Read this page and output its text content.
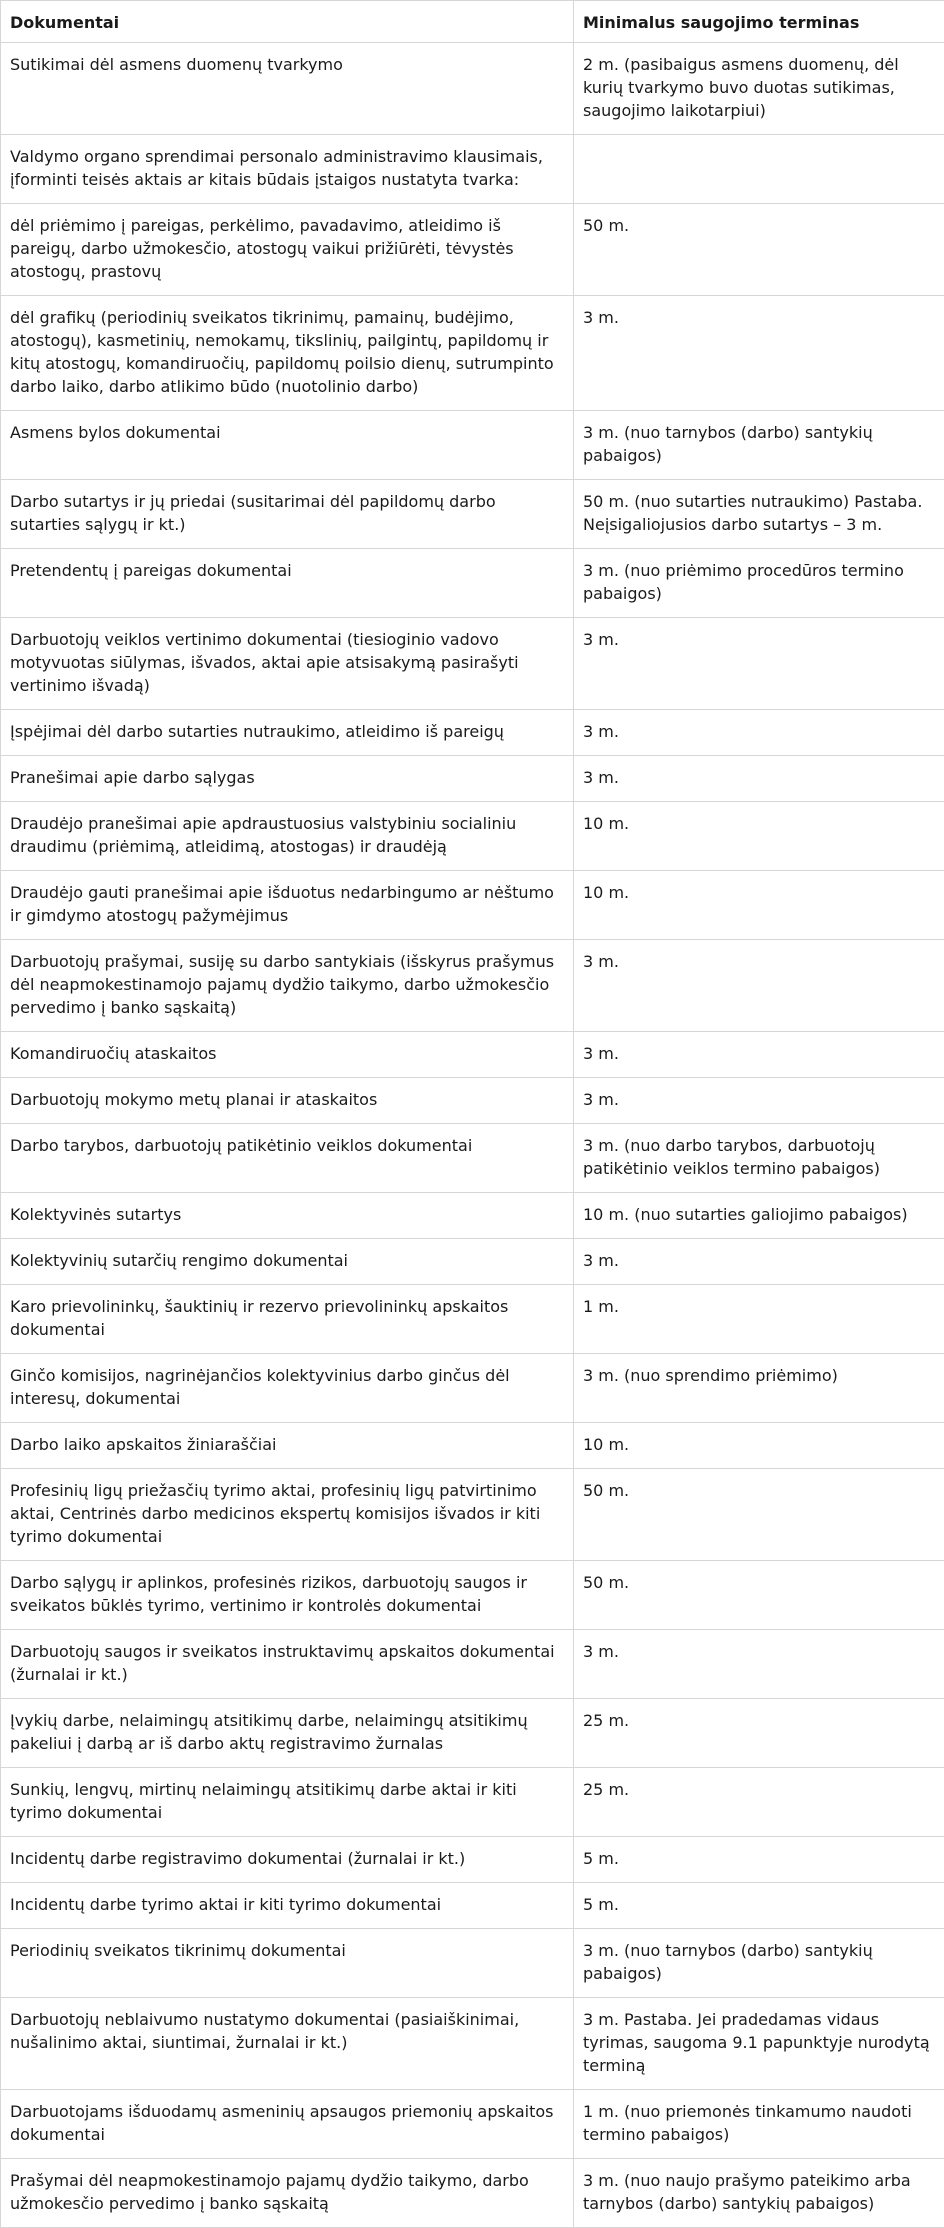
Dokumentai	Minimalus saugojimo terminas
Sutikimai dėl asmens duomenų tvarkymo	2 m. (pasibaigus asmens duomenų, dėl kurių tvarkymo buvo duotas sutikimas, saugojimo laikotarpiui)
Valdymo organo sprendimai personalo administravimo klausimais, įforminti teisės aktais ar kitais būdais įstaigos nustatyta tvarka:	
dėl priėmimo į pareigas, perkėlimo, pavadavimo, atleidimo iš pareigų, darbo užmokesčio, atostogų vaikui prižiūrėti, tėvystės atostogų, prastovų	50 m.
dėl grafikų (periodinių sveikatos tikrinimų, pamainų, budėjimo, atostogų), kasmetinių, nemokamų, tikslinių, pailgintų, papildomų ir kitų atostogų, komandiruočių, papildomų poilsio dienų, sutrumpinto darbo laiko, darbo atlikimo būdo (nuotolinio darbo)	3 m.
Asmens bylos dokumentai	3 m. (nuo tarnybos (darbo) santykių pabaigos)
Darbo sutartys ir jų priedai (susitarimai dėl papildomų darbo sutarties sąlygų ir kt.)	50 m. (nuo sutarties nutraukimo) Pastaba. Neįsigaliojusios darbo sutartys – 3 m.
Pretendentų į pareigas dokumentai	3 m. (nuo priėmimo procedūros termino pabaigos)
Darbuotojų veiklos vertinimo dokumentai (tiesioginio vadovo motyvuotas siūlymas, išvados, aktai apie atsisakymą pasirašyti vertinimo išvadą)	3 m.
Įspėjimai dėl darbo sutarties nutraukimo, atleidimo iš pareigų	3 m.
Pranešimai apie darbo sąlygas	3 m.
Draudėjo pranešimai apie apdraustuosius valstybiniu socialiniu draudimu (priėmimą, atleidimą, atostogas) ir draudėją	10 m.
Draudėjo gauti pranešimai apie išduotus nedarbingumo ar nėštumo ir gimdymo atostogų pažymėjimus	10 m.
Darbuotojų prašymai, susiję su darbo santykiais (išskyrus prašymus dėl neapmokestinamojo pajamų dydžio taikymo, darbo užmokesčio pervedimo į banko sąskaitą)	3 m.
Komandiruočių ataskaitos	3 m.
Darbuotojų mokymo metų planai ir ataskaitos	3 m.
Darbo tarybos, darbuotojų patikėtinio veiklos dokumentai	3 m. (nuo darbo tarybos, darbuotojų patikėtinio veiklos termino pabaigos)
Kolektyvinės sutartys	10 m. (nuo sutarties galiojimo pabaigos)
Kolektyvinių sutarčių rengimo dokumentai	3 m.
Karo prievolininkų, šauktinių ir rezervo prievolininkų apskaitos dokumentai	1 m.
Ginčo komisijos, nagrinėjančios kolektyvinius darbo ginčus dėl interesų, dokumentai	3 m. (nuo sprendimo priėmimo)
Darbo laiko apskaitos žiniaraščiai	10 m.
Profesinių ligų priežasčių tyrimo aktai, profesinių ligų patvirtinimo aktai, Centrinės darbo medicinos ekspertų komisijos išvados ir kiti tyrimo dokumentai	50 m.
Darbo sąlygų ir aplinkos, profesinės rizikos, darbuotojų saugos ir sveikatos būklės tyrimo, vertinimo ir kontrolės dokumentai	50 m.
Darbuotojų saugos ir sveikatos instruktavimų apskaitos dokumentai (žurnalai ir kt.)	3 m.
Įvykių darbe, nelaimingų atsitikimų darbe, nelaimingų atsitikimų pakeliui į darbą ar iš darbo aktų registravimo žurnalas	25 m.
Sunkių, lengvų, mirtinų nelaimingų atsitikimų darbe aktai ir kiti tyrimo dokumentai	25 m.
Incidentų darbe registravimo dokumentai (žurnalai ir kt.)	5 m.
Incidentų darbe tyrimo aktai ir kiti tyrimo dokumentai	5 m.
Periodinių sveikatos tikrinimų dokumentai	3 m. (nuo tarnybos (darbo) santykių pabaigos)
Darbuotojų neblaivumo nustatymo dokumentai (pasiaiškinimai, nušalinimo aktai, siuntimai, žurnalai ir kt.)	3 m. Pastaba. Jei pradedamas vidaus tyrimas, saugoma 9.1 papunktyje nurodytą terminą
Darbuotojams išduodamų asmeninių apsaugos priemonių apskaitos dokumentai	1 m. (nuo priemonės tinkamumo naudoti termino pabaigos)
Prašymai dėl neapmokestinamojo pajamų dydžio taikymo, darbo užmokesčio pervedimo į banko sąskaitą	3 m. (nuo naujo prašymo pateikimo arba tarnybos (darbo) santykių pabaigos)
